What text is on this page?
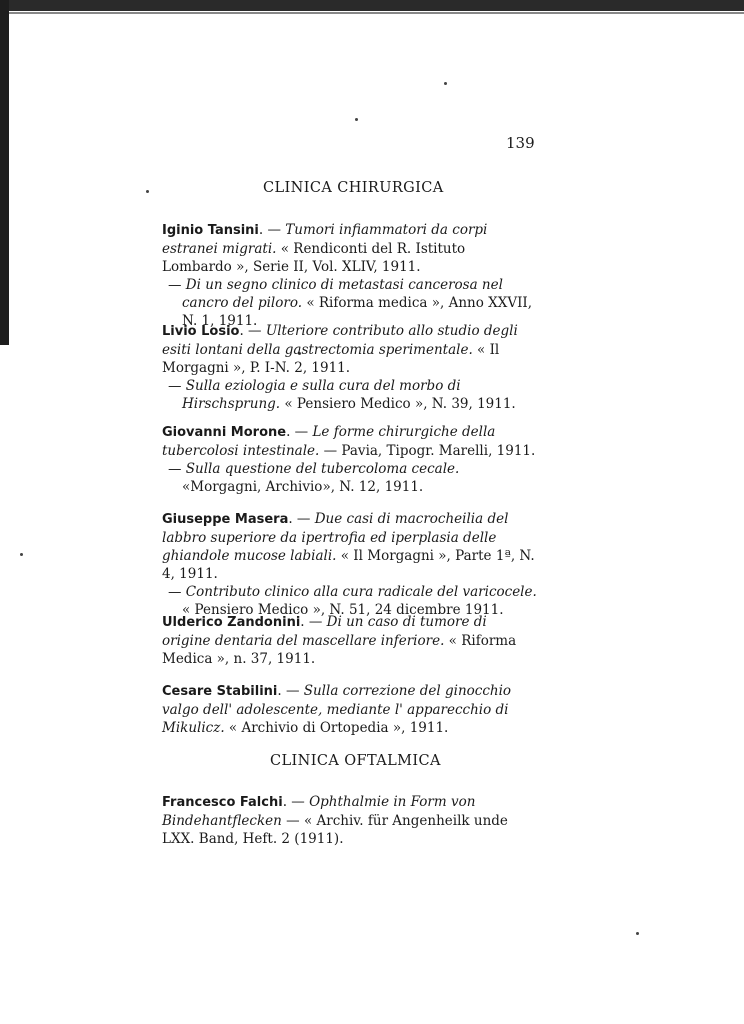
139
CLINICA CHIRURGICA
Iginio Tansini. — Tumori infiammatori da corpi estranei migrati. « Rendiconti del R. Istituto Lombardo », Serie II, Vol. XLIV, 1911.
— Di un segno clinico di metastasi cancerosa nel cancro del piloro. « Riforma medica », Anno XXVII, N. 1, 1911.
Livio Losio. — Ulteriore contributo allo studio degli esiti lontani della gastrectomia sperimentale. « Il Morgagni », P. I-N. 2, 1911.
— Sulla eziologia e sulla cura del morbo di Hirschsprung. « Pensiero Medico », N. 39, 1911.
Giovanni Morone. — Le forme chirurgiche della tubercolosi intestinale. — Pavia, Tipogr. Marelli, 1911.
— Sulla questione del tubercoloma cecale. «Morgagni, Archivio», N. 12, 1911.
Giuseppe Masera. — Due casi di macrocheilia del labbro superiore da ipertrofia ed iperplasia delle ghiandole mucose labiali. « Il Morgagni », Parte 1ª, N. 4, 1911.
— Contributo clinico alla cura radicale del varicocele. « Pensiero Medico », N. 51, 24 dicembre 1911.
Ulderico Zandonini. — Di un caso di tumore di origine dentaria del mascellare inferiore. « Riforma Medica », n. 37, 1911.
Cesare Stabilini. — Sulla correzione del ginocchio valgo dell' adolescente, mediante l' apparecchio di Mikulicz. « Archivio di Ortopedia », 1911.
CLINICA OFTALMICA
Francesco Falchi. — Ophthalmie in Form von Bindehantflecken — « Archiv. für Angenheilk unde LXX. Band, Heft. 2 (1911).
